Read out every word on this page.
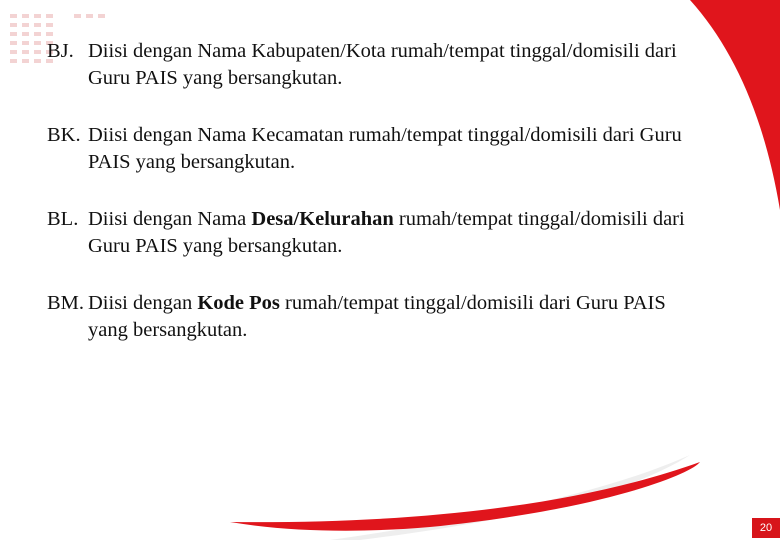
BJ. Diisi dengan Nama Kabupaten/Kota rumah/tempat tinggal/domisili dari Guru PAIS yang bersangkutan.
BK. Diisi dengan Nama Kecamatan rumah/tempat tinggal/domisili dari Guru PAIS yang bersangkutan.
BL. Diisi dengan Nama Desa/Kelurahan rumah/tempat tinggal/domisili dari Guru PAIS yang bersangkutan.
BM. Diisi dengan Kode Pos rumah/tempat tinggal/domisili dari Guru PAIS yang bersangkutan.
20
